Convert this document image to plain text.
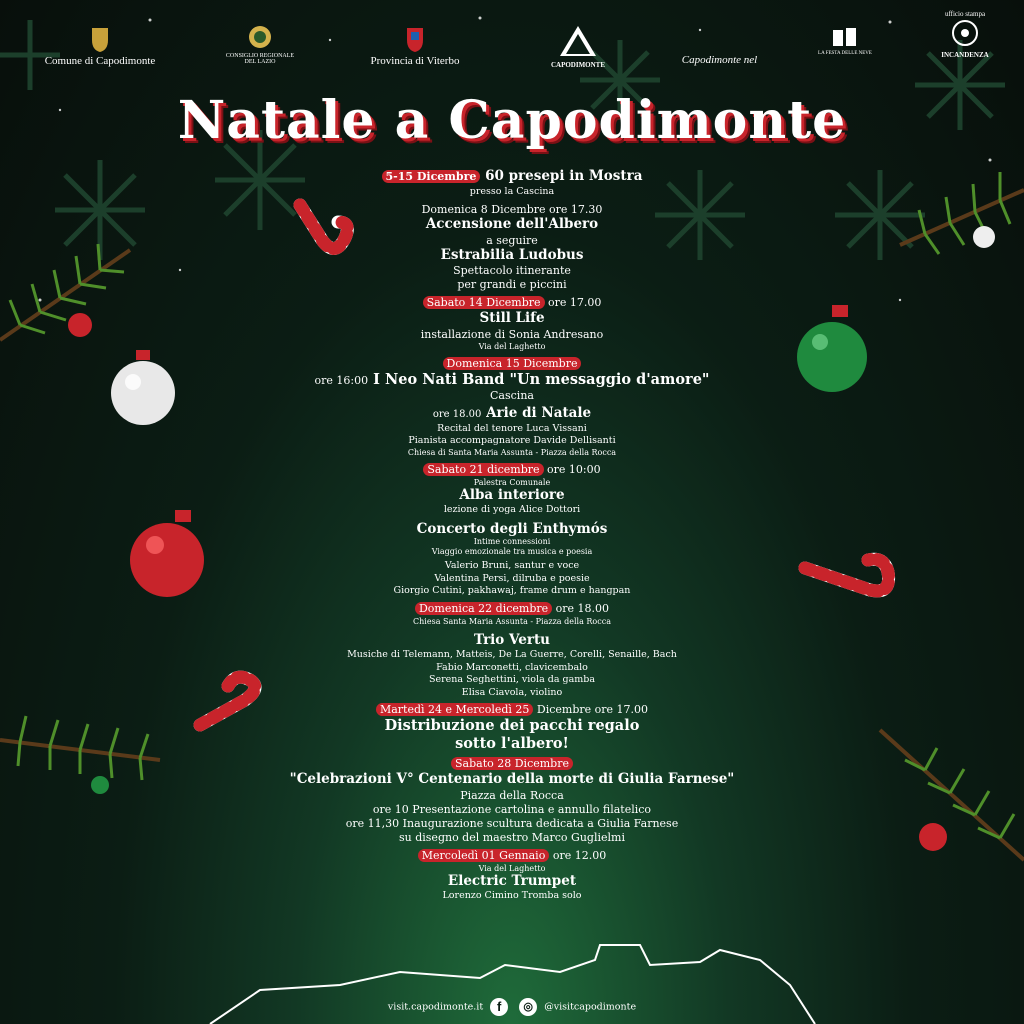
Comune di Capodimonte	CONSIGLIO REGIONALE DEL LAZIO	Provincia di Viterbo	CAPODIMONTE	Capodimonte nel
LA FESTA DELLE NEVE
ufficio stampa
INCANDENZA
Natale a Capodimonte
5-15 Dicembre 60 presepi in Mostra
presso la Cascina
Domenica 8 Dicembre ore 17.30
Accensione dell'Albero
a seguire
Estrabilia Ludobus
Spettacolo itinerante
per grandi e piccini
Sabato 14 Dicembre ore 17.00
Still Life
installazione di Sonia Andresano
Via del Laghetto
Domenica 15 Dicembre
ore 16:00 I Neo Nati Band "Un messaggio d'amore"
Cascina
ore 18.00 Arie di Natale
Recital del tenore Luca Vissani
Pianista accompagnatore Davide Dellisanti
Chiesa di Santa Maria Assunta - Piazza della Rocca
Sabato 21 dicembre ore 10:00
Palestra Comunale
Alba interiore
lezione di yoga Alice Dottori
Concerto degli Enthymós
Intime connessioni
Viaggio emozionale tra musica e poesia
Valerio Bruni, santur e voce
Valentina Persi, dilruba e poesie
Giorgio Cutini, pakhawaj, frame drum e hangpan
Domenica 22 dicembre ore 18.00
Chiesa Santa Maria Assunta - Piazza della Rocca
Trio Vertu
Musiche di Telemann, Matteis, De La Guerre, Corelli, Senaille, Bach
Fabio Marconetti, clavicembalo
Serena Seghettini, viola da gamba
Elisa Ciavola, violino
Martedì 24 e Mercoledì 25 Dicembre ore 17.00
Distribuzione dei pacchi regalo
sotto l'albero!
Sabato 28 Dicembre
"Celebrazioni V° Centenario della morte di Giulia Farnese"
Piazza della Rocca
ore 10 Presentazione cartolina e annullo filatelico
ore 11,30 Inaugurazione scultura dedicata a Giulia Farnese
su disegno del maestro Marco Guglielmi
Mercoledì 01 Gennaio ore 12.00
Via del Laghetto
Electric Trumpet
Lorenzo Cimino Tromba solo
visit.capodimonte.it f ◎ @visitcapodimonte
